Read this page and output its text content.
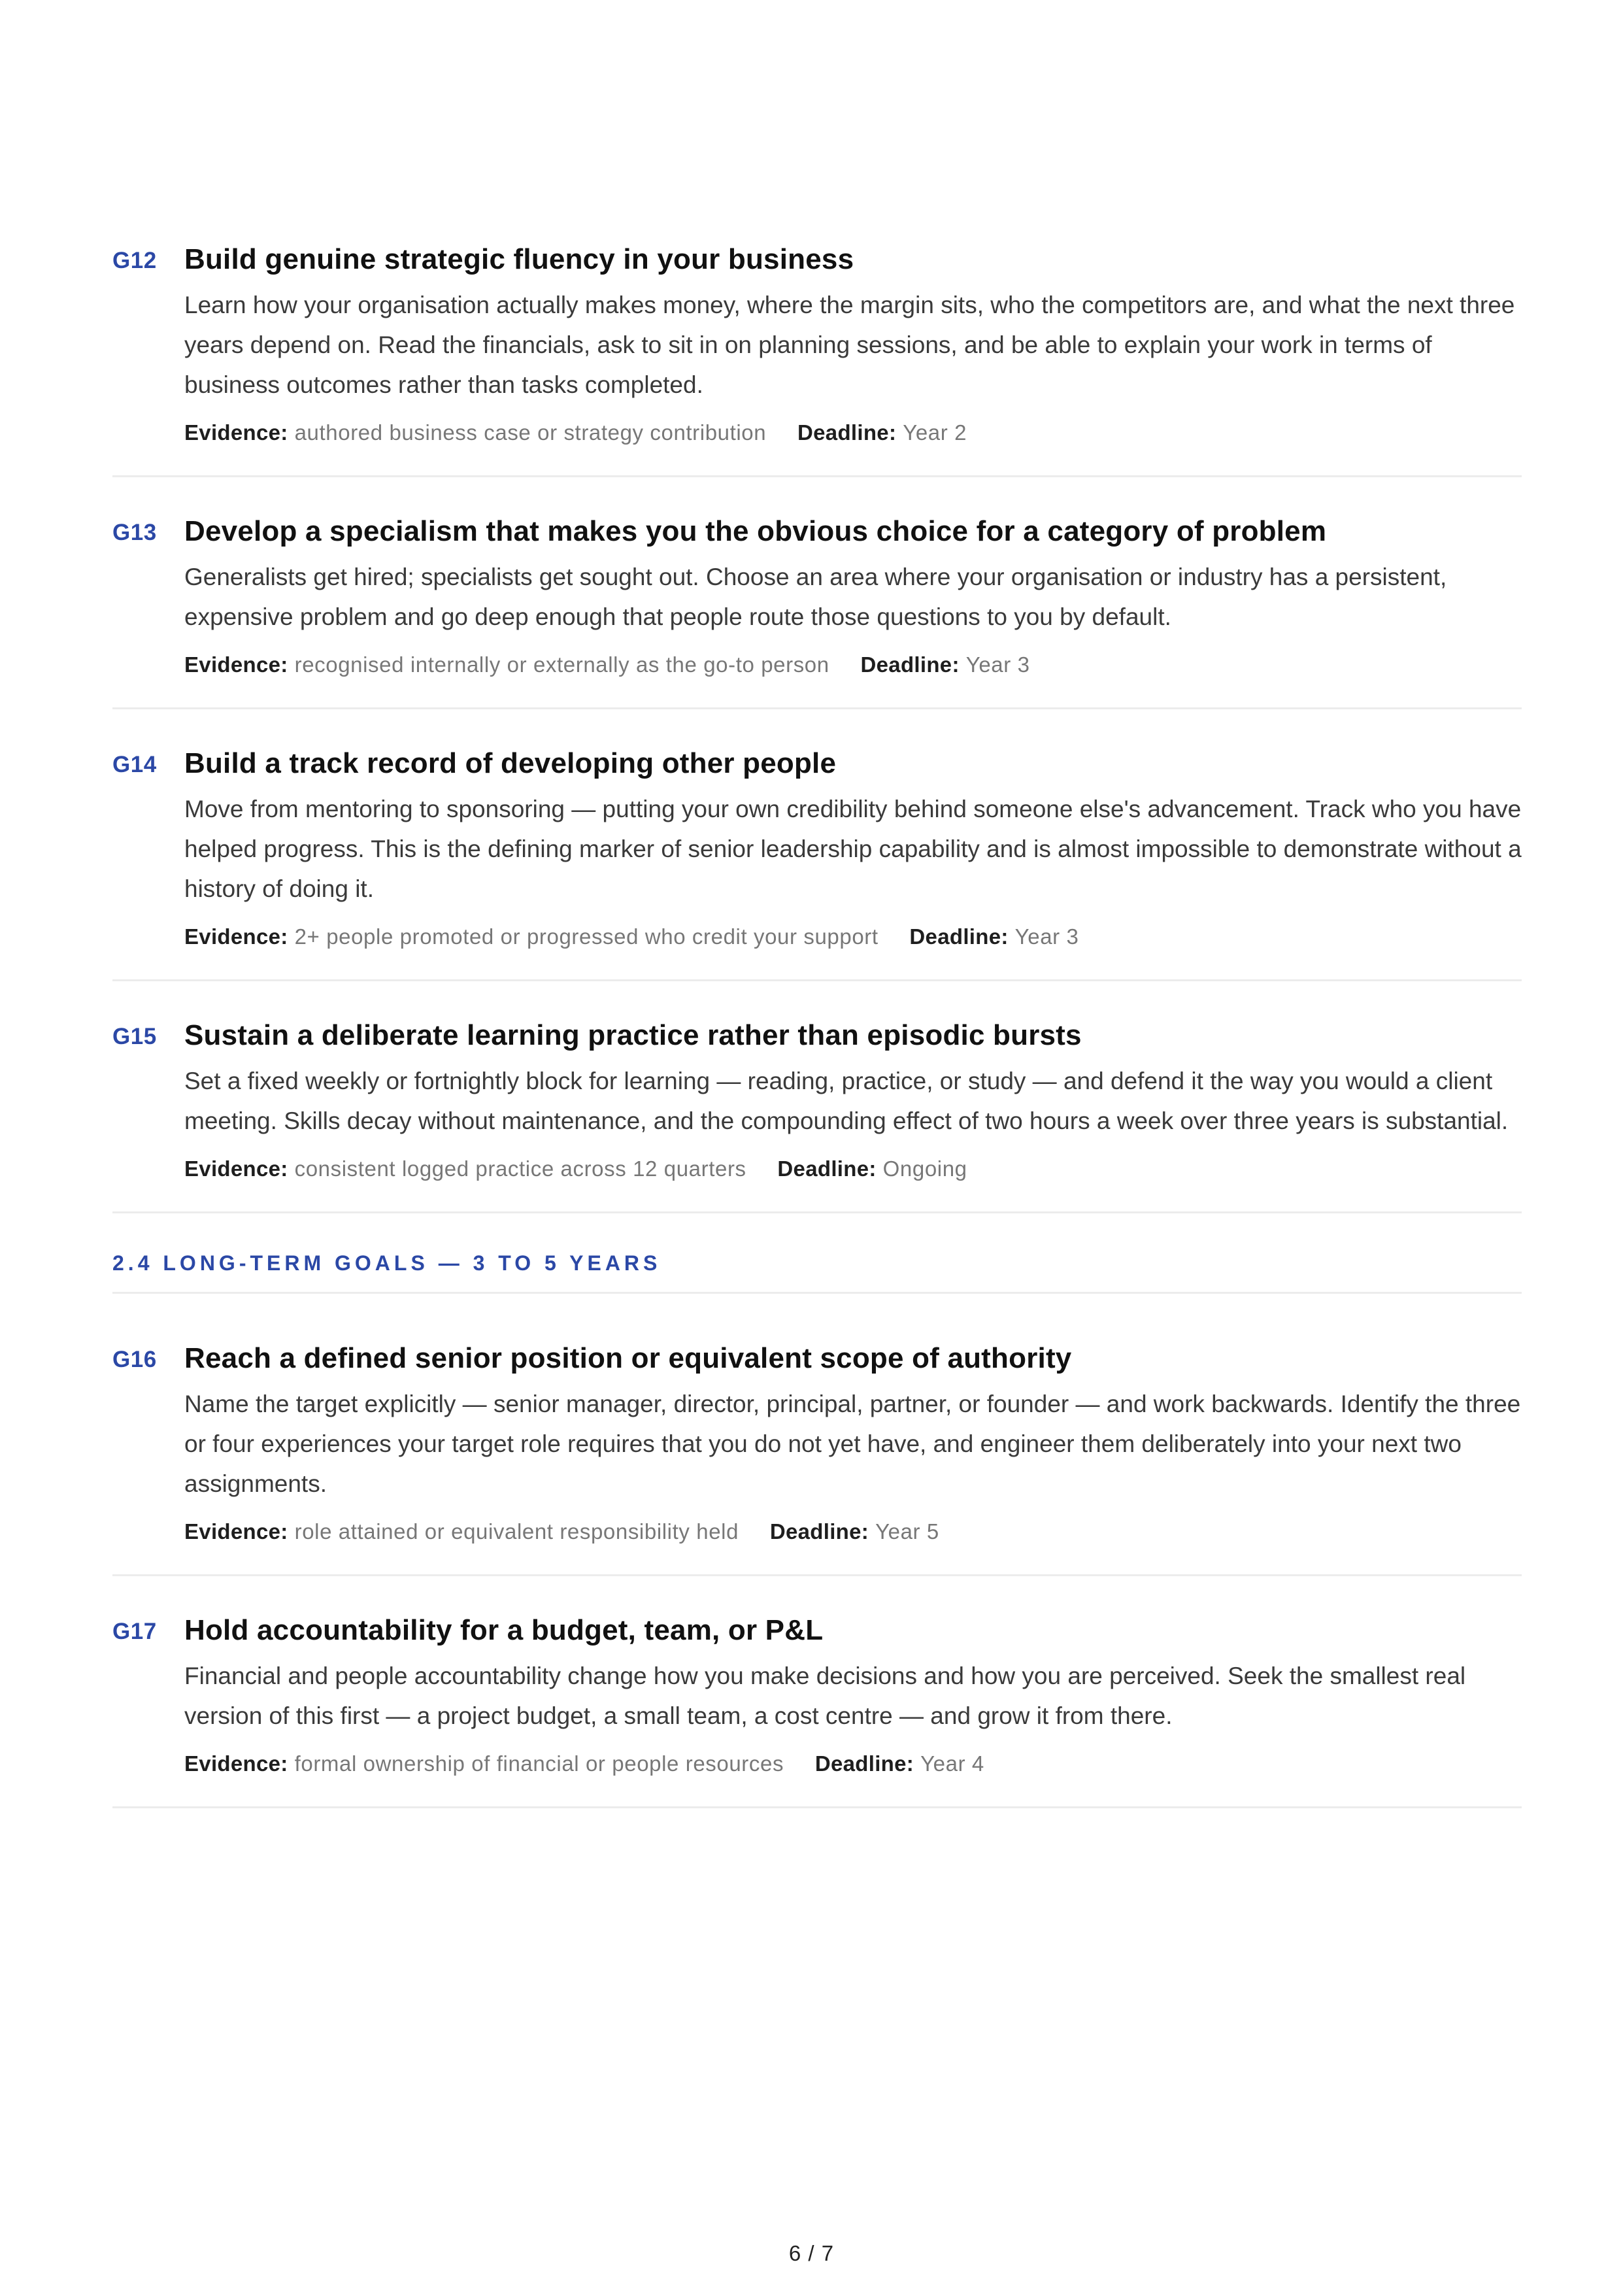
G12 Build genuine strategic fluency in your business
Learn how your organisation actually makes money, where the margin sits, who the competitors are, and what the next three years depend on. Read the financials, ask to sit in on planning sessions, and be able to explain your work in terms of business outcomes rather than tasks completed.
Evidence: authored business case or strategy contribution Deadline: Year 2
G13 Develop a specialism that makes you the obvious choice for a category of problem
Generalists get hired; specialists get sought out. Choose an area where your organisation or industry has a persistent, expensive problem and go deep enough that people route those questions to you by default.
Evidence: recognised internally or externally as the go-to person Deadline: Year 3
G14 Build a track record of developing other people
Move from mentoring to sponsoring — putting your own credibility behind someone else's advancement. Track who you have helped progress. This is the defining marker of senior leadership capability and is almost impossible to demonstrate without a history of doing it.
Evidence: 2+ people promoted or progressed who credit your support Deadline: Year 3
G15 Sustain a deliberate learning practice rather than episodic bursts
Set a fixed weekly or fortnightly block for learning — reading, practice, or study — and defend it the way you would a client meeting. Skills decay without maintenance, and the compounding effect of two hours a week over three years is substantial.
Evidence: consistent logged practice across 12 quarters Deadline: Ongoing
2.4 LONG-TERM GOALS — 3 TO 5 YEARS
G16 Reach a defined senior position or equivalent scope of authority
Name the target explicitly — senior manager, director, principal, partner, or founder — and work backwards. Identify the three or four experiences your target role requires that you do not yet have, and engineer them deliberately into your next two assignments.
Evidence: role attained or equivalent responsibility held Deadline: Year 5
G17 Hold accountability for a budget, team, or P&L
Financial and people accountability change how you make decisions and how you are perceived. Seek the smallest real version of this first — a project budget, a small team, a cost centre — and grow it from there.
Evidence: formal ownership of financial or people resources Deadline: Year 4
6 / 7
